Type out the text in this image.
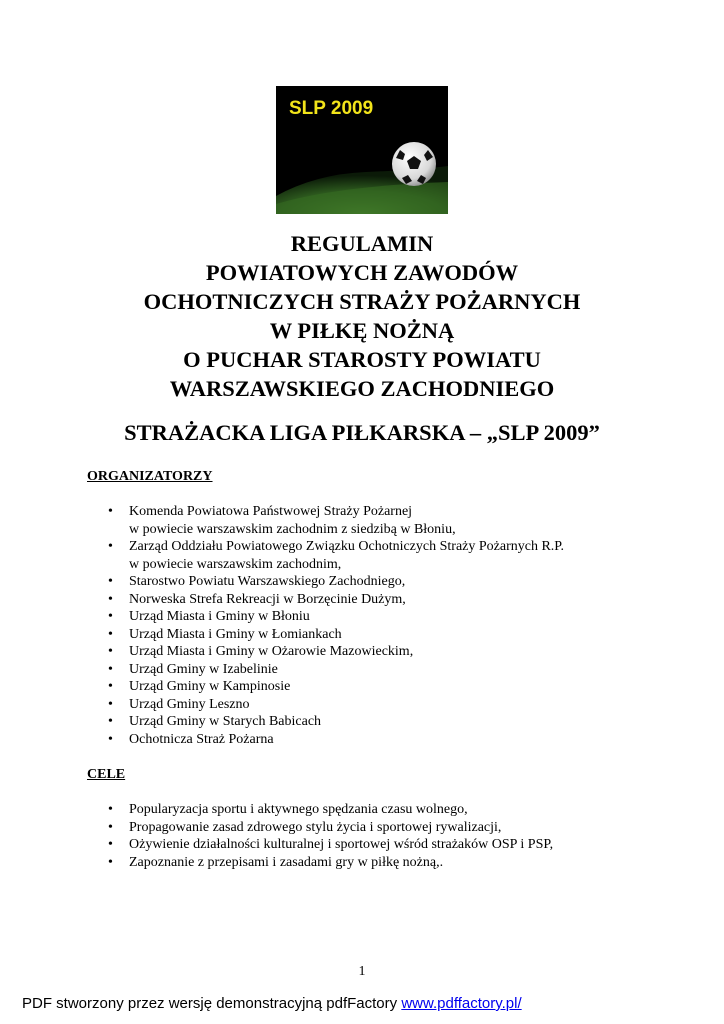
SLP 2009
REGULAMIN
POWIATOWYCH ZAWODÓW
OCHOTNICZYCH STRAŻY POŻARNYCH
W PIŁKĘ NOŻNĄ
O PUCHAR STAROSTY POWIATU
WARSZAWSKIEGO ZACHODNIEGO
STRAŻACKA LIGA PIŁKARSKA – „SLP 2009”
ORGANIZATORZY
• Komenda Powiatowa Państwowej Straży Pożarnej
w powiecie warszawskim zachodnim z siedzibą w Błoniu,
• Zarząd Oddziału Powiatowego Związku Ochotniczych Straży Pożarnych R.P.
w powiecie warszawskim zachodnim,
• Starostwo Powiatu Warszawskiego Zachodniego,
• Norweska Strefa Rekreacji w Borzęcinie Dużym,
• Urząd Miasta i Gminy w Błoniu
• Urząd Miasta i Gminy w Łomiankach
• Urząd Miasta i Gminy w Ożarowie Mazowieckim,
• Urząd Gminy w Izabelinie
• Urząd Gminy w Kampinosie
• Urząd Gminy Leszno
• Urząd Gminy w Starych Babicach
• Ochotnicza Straż Pożarna
CELE
• Popularyzacja sportu i aktywnego spędzania czasu wolnego,
• Propagowanie zasad zdrowego stylu życia i sportowej rywalizacji,
• Ożywienie działalności kulturalnej i sportowej wśród strażaków OSP i PSP,
• Zapoznanie z przepisami i zasadami gry w piłkę nożną,.
1
PDF stworzony przez wersję demonstracyjną pdfFactory www.pdffactory.pl/
